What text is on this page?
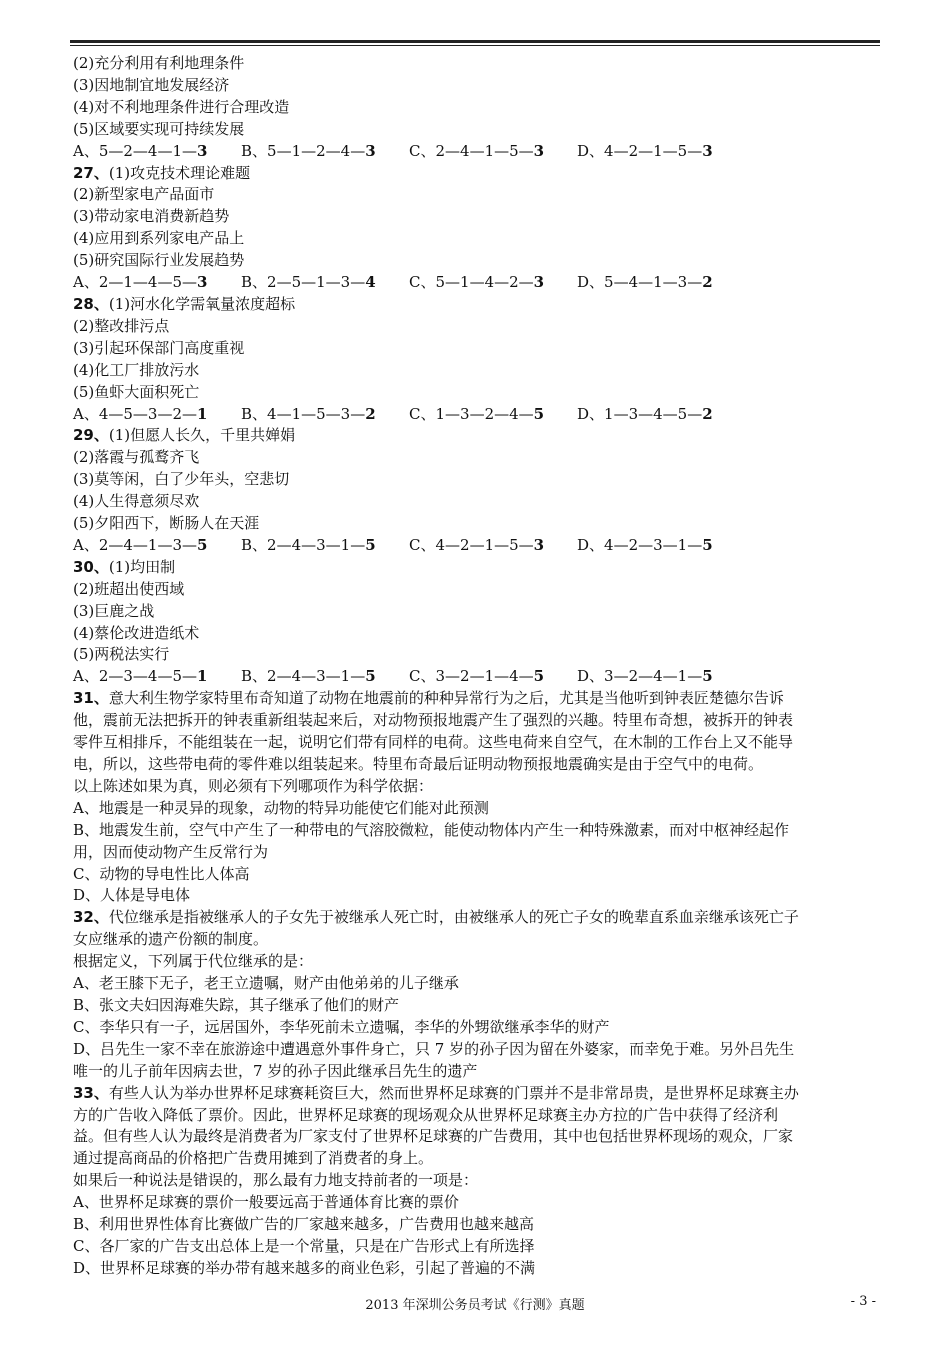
(2)充分利用有利地理条件

(3)因地制宜地发展经济

(4)对不利地理条件进行合理改造

(5)区域要实现可持续发展

A、5—2—4—1—3	B、5—1—2—4—3	C、2—4—1—5—3	D、4—2—1—5—3

27、(1)攻克技术理论难题

(2)新型家电产品面市

(3)带动家电消费新趋势

(4)应用到系列家电产品上

(5)研究国际行业发展趋势

A、2—1—4—5—3	B、2—5—1—3—4	C、5—1—4—2—3	D、5—4—1—3—2

28、(1)河水化学需氧量浓度超标

(2)整改排污点

(3)引起环保部门高度重视

(4)化工厂排放污水

(5)鱼虾大面积死亡

A、4—5—3—2—1	B、4—1—5—3—2	C、1—3—2—4—5	D、1—3—4—5—2

29、(1)但愿人长久，千里共婵娟

(2)落霞与孤鹜齐飞

(3)莫等闲，白了少年头，空悲切

(4)人生得意须尽欢

(5)夕阳西下，断肠人在天涯

A、2—4—1—3—5	B、2—4—3—1—5	C、4—2—1—5—3	D、4—2—3—1—5

30、(1)均田制

(2)班超出使西域

(3)巨鹿之战

(4)蔡伦改进造纸术

(5)两税法实行

A、2—3—4—5—1	B、2—4—3—1—5	C、3—2—1—4—5	D、3—2—4—1—5

31、意大利生物学家特里布奇知道了动物在地震前的种种异常行为之后，尤其是当他听到钟表匠楚德尔告诉

他，震前无法把拆开的钟表重新组装起来后，对动物预报地震产生了强烈的兴趣。特里布奇想，被拆开的钟表

零件互相排斥，不能组装在一起，说明它们带有同样的电荷。这些电荷来自空气，在木制的工作台上又不能导

电，所以，这些带电荷的零件难以组装起来。特里布奇最后证明动物预报地震确实是由于空气中的电荷。

以上陈述如果为真，则必须有下列哪项作为科学依据：

A、地震是一种灵异的现象，动物的特异功能使它们能对此预测

B、地震发生前，空气中产生了一种带电的气溶胶微粒，能使动物体内产生一种特殊激素，而对中枢神经起作

用，因而使动物产生反常行为

C、动物的导电性比人体高

D、人体是导电体

32、代位继承是指被继承人的子女先于被继承人死亡时，由被继承人的死亡子女的晚辈直系血亲继承该死亡子

女应继承的遗产份额的制度。

根据定义，下列属于代位继承的是：

A、老王膝下无子，老王立遗嘱，财产由他弟弟的儿子继承

B、张文夫妇因海难失踪，其子继承了他们的财产

C、李华只有一子，远居国外，李华死前未立遗嘱，李华的外甥欲继承李华的财产

D、吕先生一家不幸在旅游途中遭遇意外事件身亡，只 7 岁的孙子因为留在外婆家，而幸免于难。另外吕先生

唯一的儿子前年因病去世，7 岁的孙子因此继承吕先生的遗产

33、有些人认为举办世界杯足球赛耗资巨大，然而世界杯足球赛的门票并不是非常昂贵，是世界杯足球赛主办

方的广告收入降低了票价。因此，世界杯足球赛的现场观众从世界杯足球赛主办方拉的广告中获得了经济利

益。但有些人认为最终是消费者为厂家支付了世界杯足球赛的广告费用，其中也包括世界杯现场的观众，厂家

通过提高商品的价格把广告费用摊到了消费者的身上。

如果后一种说法是错误的，那么最有力地支持前者的一项是：

A、世界杯足球赛的票价一般要远高于普通体育比赛的票价

B、利用世界性体育比赛做广告的厂家越来越多，广告费用也越来越高

C、各厂家的广告支出总体上是一个常量，只是在广告形式上有所选择

D、世界杯足球赛的举办带有越来越多的商业色彩，引起了普遍的不满

2013 年深圳公务员考试《行测》真题	- 3 -
